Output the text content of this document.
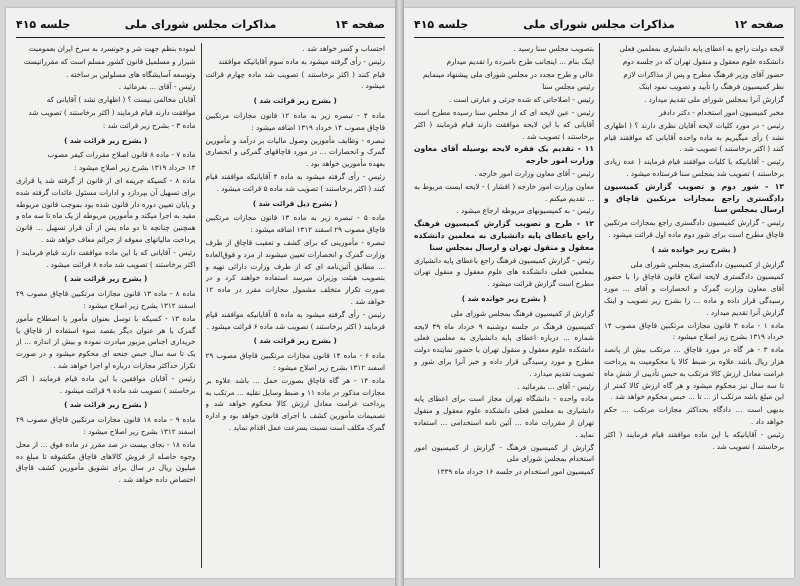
صفحه ۱۴
مذاکرات مجلس شورای ملی
جلسه ۴۱۵

لموده بنظم جهت شر و خونسرد به سرخ ایران بعمومیت

شیراز و مسلمیل قانون کشور مسلم است که مقرراتیست

وتوسعه آسایشگاه های مسلولین بر ساخته .

رئیس - آقای ... بفرمائید .

آقایان مخالفی نیست ؟ ( اظهاری نشد ) آقایانی که

موافقت دارند قیام فرمایند ( اکثر برخاستند ) تصویب شد

ماده ۳ - بشرح زیر قرائت شد :

( بشرح زیر قرائت شد )

ماده ۷ - ماده ۸ قانون اصلاح مقررات کیفر مصوب

۱۴ خرداد ۱۳۱۹ بشرح زیر اصلاح میشود :

ماده ۸ - کسیکه جریمه ای از قانون از گرفته شد یا قراری برای تسهیل آن بپردازد و ادارات مسئول عائدات گرفته شده و پایان تعیین دوره دار قانون شده بود بموجب قانون مربوطه مقید به اجرا میکند و مأمورین مربوطه از یک ماه تا سه ماه و همچنین چنانچه تا دو ماه پس از آن قرار تسهیل ... قانون پرداخت مالیاتهای معوقه از جرائم معاف خواهد شد .

رئیس - آقایانی که با این ماده موافقت دارند قیام فرمایند ( اکثر برخاستند ) تصویب شد ماده ۸ قرائت میشود .

( بشرح زیر قرائت شد )

ماده ۸ - ماده ۱۳ قانون مجازات مرتکبین قاچاق مصوب ۲۹ اسفند ۱۳۱۲ بشرح زیر اصلاح میشود :

ماده ۱۳ - کسیکه با توسل بعنوان مأمور یا اصطلاح مأمور گمرک یا هر عنوان دیگر بقصد سوء استفاده از قاچاق یا خریداری اجناس مزبور مبادرت نموده و بیش از اندازه ... از یک تا سه سال حبس جنحه ای محکوم میشود و در صورت تکرار حداکثر مجازات درباره او اجرا خواهد شد .

رئیس - آقایان موافقین با این ماده قیام فرمایند ( اکثر برخاستند ) تصویب شد ماده ۹ قرائت میشود .

( بشرح زیر قرائت شد )

ماده ۹ - ماده ۱۸ قانون مجازات مرتکبین قاچاق مصوب ۲۹ اسفند ۱۳۱۲ بشرح زیر اصلاح میشود :

ماده ۱۸ - بجای بیست در صد مقرر در ماده فوق ... از محل وجوه حاصله از فروش کالاهای قاچاق مکشوفه تا مبلغ ده میلیون ریال در سال برای تشویق مأمورین کشف قاچاق اختصاص داده خواهد شد .

احتساب و کسر خواهد شد .

رئیس - رأی گرفته میشود به ماده سوم آقایانیکه موافقند

قیام کنند ( اکثر برخاستند ) تصویب شد ماده چهارم قرائت میشود .

( بشرح زیر قرائت شد )

ماده ۴ - تبصره زیر به ماده ۱۲ قانون مجازات مرتکبین قاچاق مصوب ۱۴ خرداد ۱۳۱۹ اضافه میشود :

تبصره - وظایف مأمورین وصول مالیات بر درآمد و مأمورین گمرک و انحصارات ... در مورد قاچاقهای گمرکی و انحصاری بعهده مأمورین خواهد بود .

رئیس - رأی گرفته میشود به ماده ۴ آقایانیکه موافقند قیام کنند ( اکثر برخاستند ) تصویب شد ماده ۵ قرائت میشود .

( بشرح ذیل قرائت شد )

ماده ۵ - تبصره زیر به ماده ۱۳ قانون مجازات مرتکبین قاچاق مصوب ۲۹ اسفند ۱۳۱۲ اضافه میشود :

تبصره - مأمورینی که برای کشف و تعقیب قاچاق از طرف وزارت گمرک و انحصارات تعیین میشوند از مزد و فوق‌العاده ... مطابق آئین‌نامه ای که از طرف وزارت دارائی تهیه و بتصویب هیئت وزیران میرسد استفاده خواهند کرد و در صورت تکرار متخلف مشمول مجازات مقرر در ماده ۱۲ خواهد شد .

رئیس - رأی گرفته میشود به ماده ۵ آقایانیکه موافقند قیام فرمایند ( اکثر برخاستند ) تصویب شد ماده ۶ قرائت میشود .

( بشرح زیر قرائت شد )

ماده ۶ - ماده ۱۴ قانون مجازات مرتکبین قاچاق مصوب ۲۹ اسفند ۱۳۱۲ بشرح زیر اصلاح میشود :

ماده ۱۴ - هر گاه قاچاق بصورت حمل ... باشد علاوه بر مجازات مذکور در ماده ۱۱ و ضبط وسایل نقلیه ... مرتکب به پرداخت غرامت معادل ارزش کالا محکوم خواهد شد و تصمیمات مأمورین کشف با اجرای قانون خواهد بود و اداره گمرک مکلف است نسبت بسرعت عمل اقدام نماید .

صفحه ۱۲
مذاکرات مجلس شورای ملی
جلسه ۴۱۵

بتصویب مجلس سنا رسید .

اینک بنام ... اینجانب طرح نامبرده را تقدیم میدارم

عالی و طرح مجدد در مجلس شورای ملی پیشنهاد مینمایم

رئیس مجلس سنا

رئیس - اصلاحاتی که شده جزئی و عبارتی است .

رئیس - عین لایحه ای که از مجلس سنا رسیده مطرح است آقایانی که با این لایحه موافقت دارند قیام فرمایند ( اکثر برخاستند ) تصویب شد .

۱۱ - تقدیم یک فقره لایحه بوسیله آقای معاون وزارت امور خارجه

رئیس - آقای معاون وزارت امور خارجه .

معاون وزارت امور خارجه ( افشار ) - لایحه ایست مربوط به ... تقدیم میکنم .

رئیس - به کمیسیونهای مربوطه ارجاع میشود .

۱۲ - طرح و تصویب گزارش کمیسیون فرهنگ راجع باعطای پایه دانشیاری به معلمین دانشکده معقول و منقول تهران و ارسال بمجلس سنا

رئیس - گزارش کمیسیون فرهنگ راجع باعطای پایه دانشیاری بمعلمین فعلی دانشکده های علوم معقول و منقول تهران مطرح است گزارش قرائت میشود .

( بشرح زیر خوانده شد )

گزارش از کمیسیون فرهنگ بمجلس شورای ملی

کمیسیون فرهنگ در جلسه دوشنبه ۹ خرداد ماه ۳۹ لایحه شماره ... درباره اعطای پایه دانشیاری به معلمین فعلی دانشکده علوم معقول و منقول تهران با حضور نماینده دولت مطرح و مورد رسیدگی قرار داده و خبر آنرا برای شور و تصویب تقدیم میدارد .

رئیس - آقای ... بفرمائید .

ماده واحده - دانشگاه تهران مجاز است برای اعطای پایه دانشیاری به معلمین فعلی دانشکده علوم معقول و منقول تهران از مقررات ماده ... آئین نامه استخدامی ... استفاده نماید .

گزارش از کمیسیون فرهنگ - گزارش از کمیسیون امور استخدام بمجلس شورای ملی

کمیسیون امور استخدام در جلسه ۱۶ خرداد ماه ۱۳۳۹

لایحه دولت راجع به اعطای پایه دانشیاری بمعلمین فعلی

دانشکده علوم معقول و منقول تهران که در جلسه دوم

حضور آقای وزیر فرهنگ مطرح و پس از مذاکرات لازم

نظر کمیسیون فرهنگ را تأیید و تصویب نمود اینک

گزارش آنرا بمجلس شورای ملی تقدیم میدارد .

مخبر کمیسیون امور استخدام - دکتر دادفر

رئیس - در مورد کلیات لایحه آقایان نظری دارند ؟ ( اظهاری نشد ) رأی میگیریم به ماده واحده آقایانی که موافقند قیام کنند ( اکثر برخاستند ) تصویب شد .

رئیس - آقایانیکه با کلیات موافقند قیام فرمایند ( عده زیادی برخاستند ) تصویب شد بمجلس سنا فرستاده میشود .

۱۳ - شور دوم و تصویب گزارش کمیسیون دادگستری راجع بمجازات مرتکبین قاچاق و ارسال بمجلس سنا

رئیس - گزارش کمیسیون دادگستری راجع بمجازات مرتکبین قاچاق مطرح است برای شور دوم ماده اول قرائت میشود .

( بشرح زیر خوانده شد )

گزارش از کمیسیون دادگستری بمجلس شورای ملی

کمیسیون دادگستری لایحه اصلاح قانون قاچاق را با حضور آقای معاون وزارت گمرک و انحصارات و آقای ... مورد رسیدگی قرار داده و ماده ... را بشرح زیر تصویب و اینک گزارش آنرا تقدیم میدارد .

ماده ۱ - ماده ۳ قانون مجازات مرتکبین قاچاق مصوب ۱۴ خرداد ۱۳۱۹ بشرح زیر اصلاح میشود :

ماده ۳ - هر گاه در مورد قاچاق ... مرتکب بیش از پانصد هزار ریال باشد علاوه بر ضبط کالا یا محکومیت به پرداخت غرامت معادل ارزش کالا مرتکب به حبس تأدیبی از شش ماه تا سه سال نیز محکوم میشود و هر گاه ارزش کالا کمتر از این مبلغ باشد مرتکب از ... تا ... حبس محکوم خواهد شد .

بدیهی است ... دادگاه بحداکثر مجازات مرتکب ... حکم خواهد داد .

رئیس - آقایانیکه با این ماده موافقند قیام فرمایند ( اکثر برخاستند ) تصویب شد .
